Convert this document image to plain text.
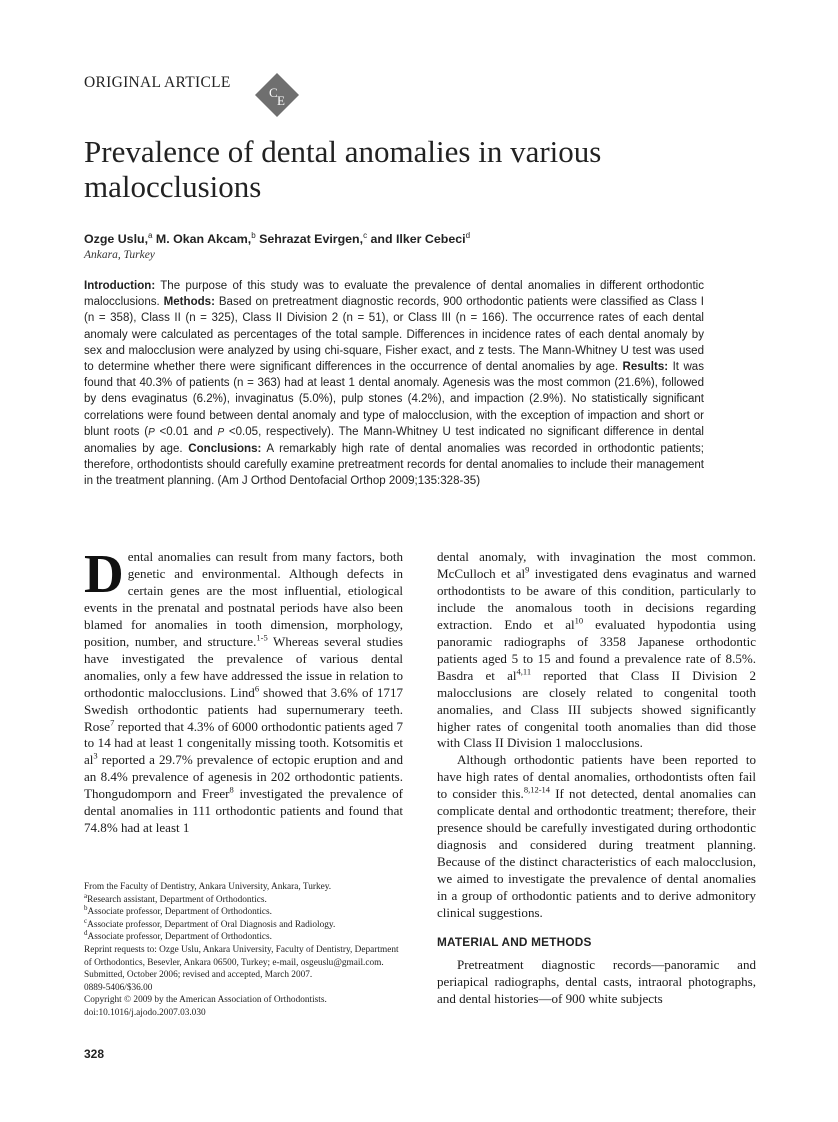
ORIGINAL ARTICLE
C
E
Prevalence of dental anomalies in various malocclusions
Ozge Uslu,$^a$ M. Okan Akcam,$^b$ Sehrazat Evirgen,$^c$ and Ilker Cebeci$^d$
Ankara, Turkey
Introduction: The purpose of this study was to evaluate the prevalence of dental anomalies in different orthodontic malocclusions. Methods: Based on pretreatment diagnostic records, 900 orthodontic patients were classified as Class I (n = 358), Class II (n = 325), Class II Division 2 (n = 51), or Class III (n = 166). The occurrence rates of each dental anomaly were calculated as percentages of the total sample. Differences in incidence rates of each dental anomaly by sex and malocclusion were analyzed by using chi-square, Fisher exact, and z tests. The Mann-Whitney U test was used to determine whether there were significant differences in the occurrence of dental anomalies by age. Results: It was found that 40.3% of patients (n = 363) had at least 1 dental anomaly. Agenesis was the most common (21.6%), followed by dens evaginatus (6.2%), invaginatus (5.0%), pulp stones (4.2%), and impaction (2.9%). No statistically significant correlations were found between dental anomaly and type of malocclusion, with the exception of impaction and short or blunt roots (P <0.01 and P <0.05, respectively). The Mann-Whitney U test indicated no significant difference in dental anomalies by age. Conclusions: A remarkably high rate of dental anomalies was recorded in orthodontic patients; therefore, orthodontists should carefully examine pretreatment records for dental anomalies to include their management in the treatment planning. (Am J Orthod Dentofacial Orthop 2009;135:328-35)

Dental anomalies can result from many factors, both genetic and environmental. Although defects in certain genes are the most influential, etiological events in the prenatal and postnatal periods have also been blamed for anomalies in tooth dimension, morphology, position, number, and structure.$^{1-5}$ Whereas several studies have investigated the prevalence of various dental anomalies, only a few have addressed the issue in relation to orthodontic malocclusions. Lind$^6$ showed that 3.6% of 1717 Swedish orthodontic patients had supernumerary teeth. Rose$^7$ reported that 4.3% of 6000 orthodontic patients aged 7 to 14 had at least 1 congenitally missing tooth. Kotsomitis et $al^3$ reported a 29.7% prevalence of ectopic eruption and and an 8.4% prevalence of agenesis in 202 orthodontic patients. Thongudomporn and Freer$^8$ investigated the prevalence of dental anomalies in 111 orthodontic patients and found that 74.8% had at least 1

dental anomaly, with invagination the most common. McCulloch et $al^9$ investigated dens evaginatus and warned orthodontists to be aware of this condition, particularly to include the anomalous tooth in decisions regarding extraction. Endo et $al^{10}$ evaluated hypodontia using panoramic radiographs of 3358 Japanese orthodontic patients aged 5 to 15 and found a prevalence rate of 8.5%. Basdra et al$^{4,11}$ reported that Class II Division 2 malocclusions are closely related to congenital tooth anomalies, and Class III subjects showed significantly higher rates of congenital tooth anomalies than did those with Class II Division 1 malocclusions.

Although orthodontic patients have been reported to have high rates of dental anomalies, orthodontists often fail to consider this.$^{8,12-14}$ If not detected, dental anomalies can complicate dental and orthodontic treatment; therefore, their presence should be carefully investigated during orthodontic diagnosis and considered during treatment planning. Because of the distinct characteristics of each malocclusion, we aimed to investigate the prevalence of dental anomalies in a group of orthodontic patients and to derive admonitory clinical suggestions.

MATERIAL AND METHODS

Pretreatment diagnostic records—panoramic and periapical radiographs, dental casts, intraoral photographs, and dental histories—of 900 white subjects

From the Faculty of Dentistry, Ankara University, Ankara, Turkey.
$^a$Research assistant, Department of Orthodontics.
$^b$Associate professor, Department of Orthodontics.
$^c$Associate professor, Department of Oral Diagnosis and Radiology.
$^d$Associate professor, Department of Orthodontics.
Reprint requests to: Ozge Uslu, Ankara University, Faculty of Dentistry, Department of Orthodontics, Besevler, Ankara 06500, Turkey; e-mail, osgeuslu@gmail.com.
Submitted, October 2006; revised and accepted, March 2007.
0889-5406/$36.00
Copyright © 2009 by the American Association of Orthodontists.
doi:10.1016/j.ajodo.2007.03.030
328
